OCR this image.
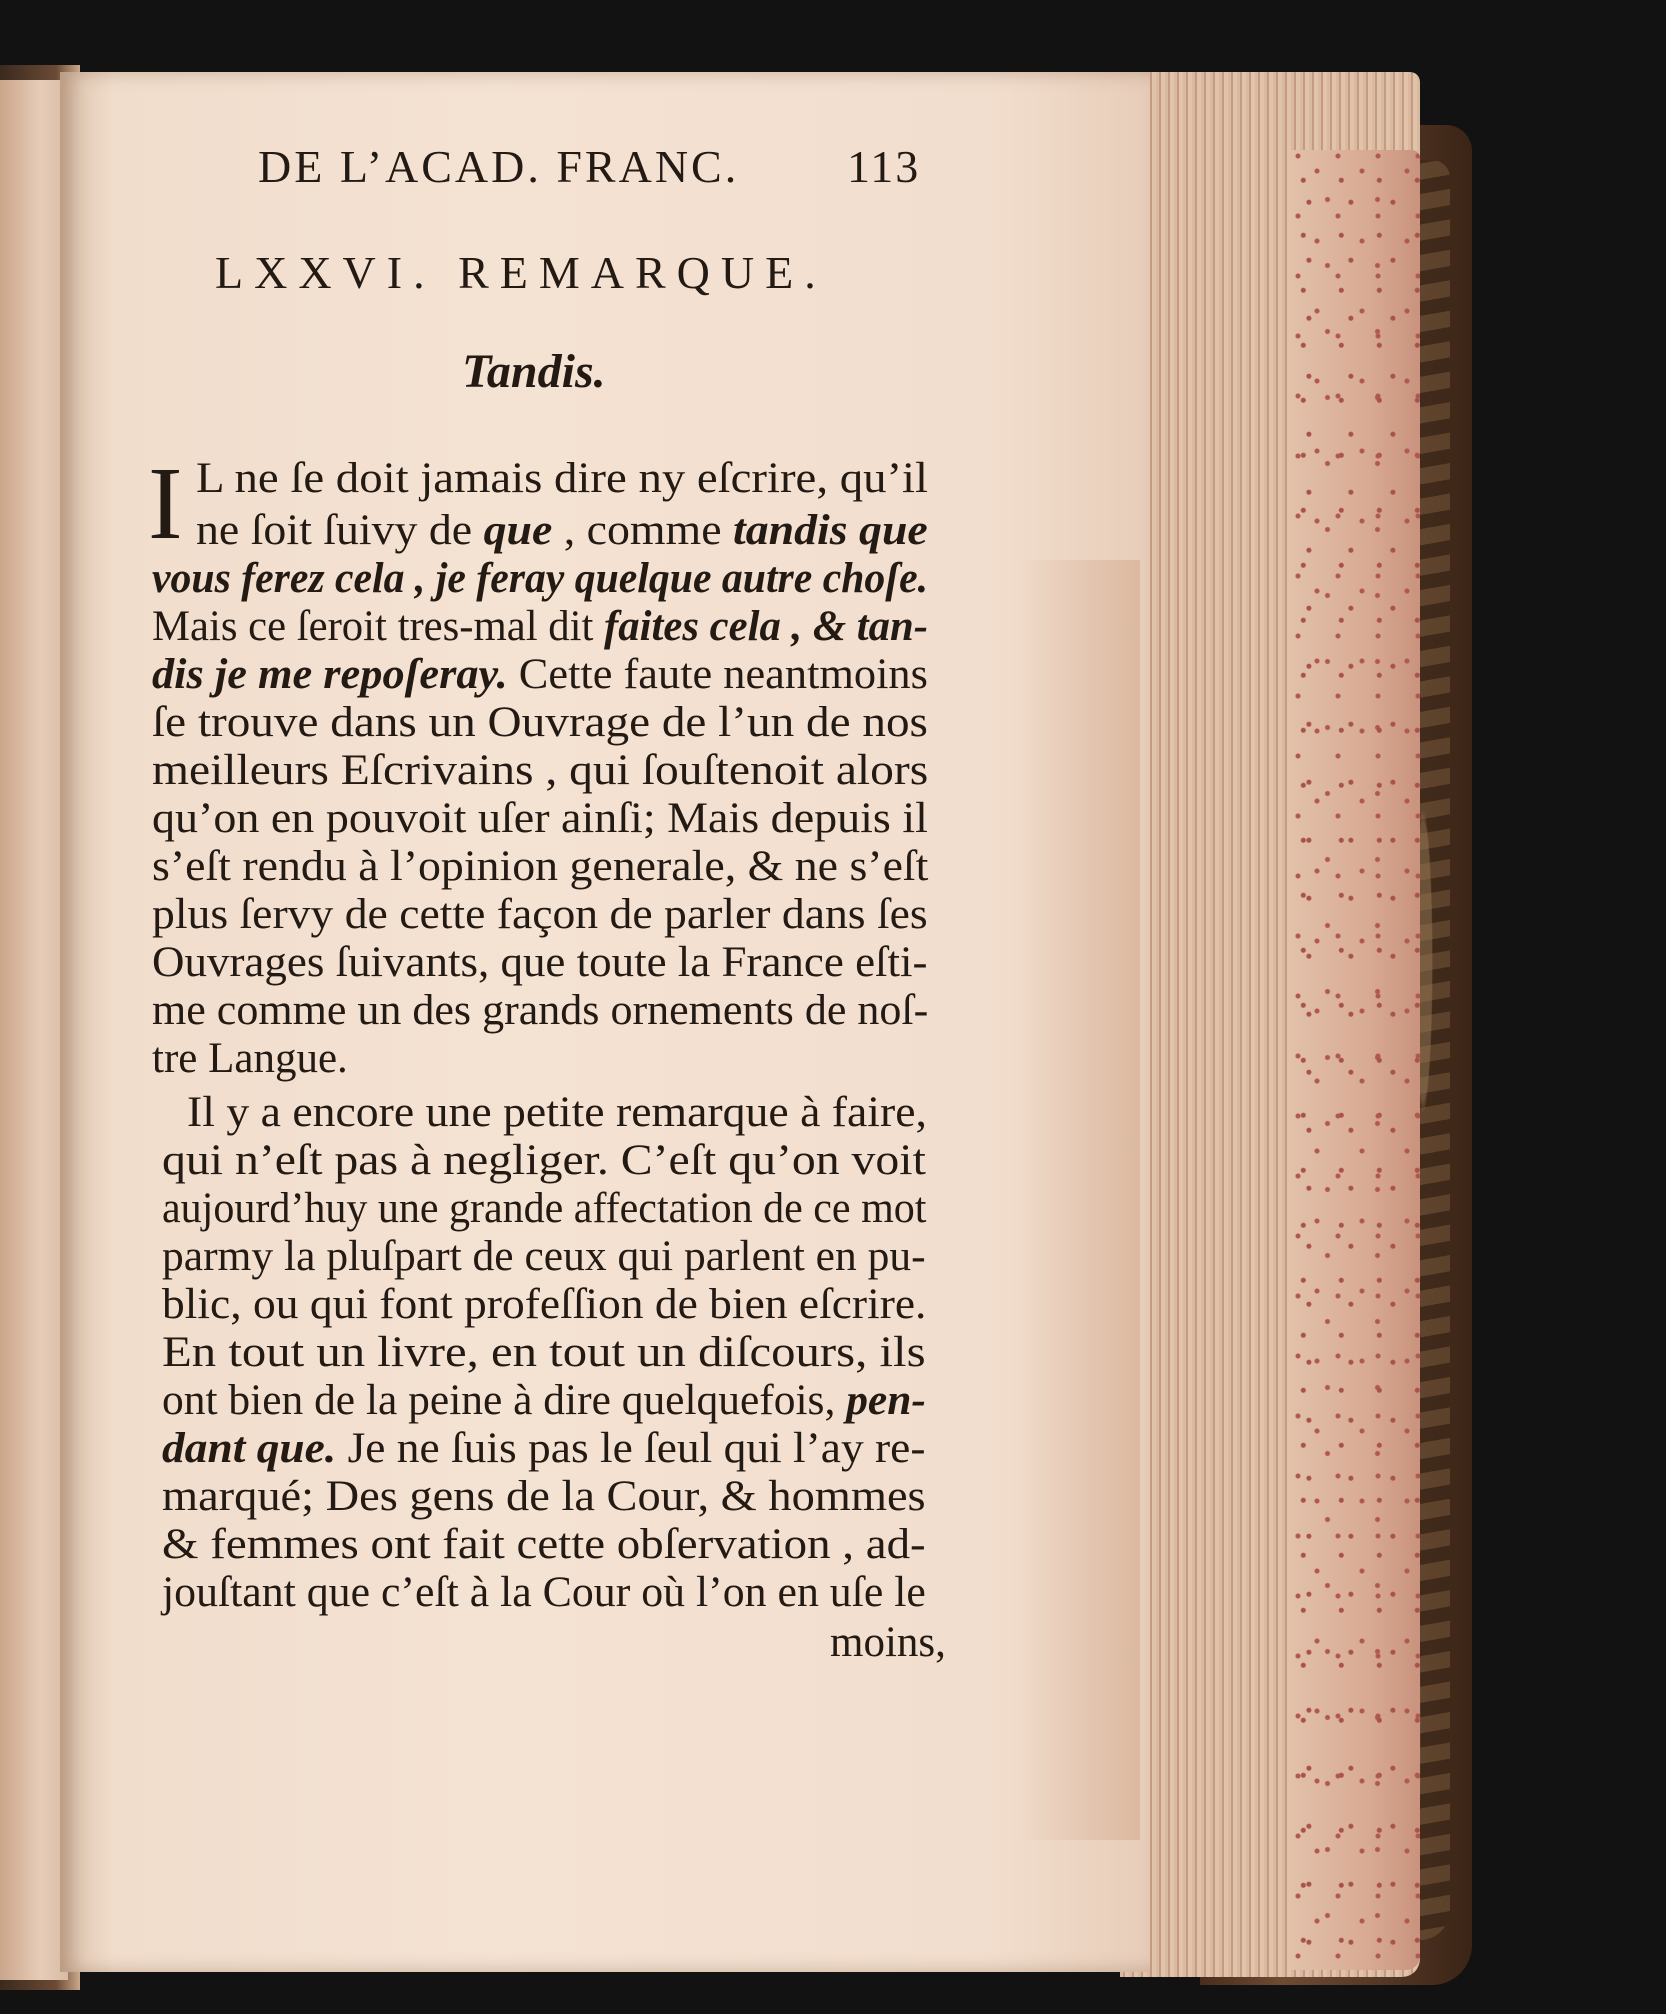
DE L’ACAD. FRANC. 113
LXXVI. REMARQUE.
Tandis.
I L ne ſe doit jamais dire ny eſcrire, qu’il
ne ſoit ſuivy de que , comme tandis que
vous ferez cela , je feray quelque autre choſe.
Mais ce ſeroit tres-mal dit faites cela , & tan-
dis je me repoſeray. Cette faute neantmoins
ſe trouve dans un Ouvrage de l’un de nos
meilleurs Eſcrivains , qui ſouſtenoit alors
qu’on en pouvoit uſer ainſi; Mais depuis il
s’eſt rendu à l’opinion generale, & ne s’eſt
plus ſervy de cette façon de parler dans ſes
Ouvrages ſuivants, que toute la France eſti-
me comme un des grands ornements de noſ-
tre Langue.
Il y a encore une petite remarque à faire,
qui n’eſt pas à negliger. C’eſt qu’on voit
aujourd’huy une grande affectation de ce mot
parmy la pluſpart de ceux qui parlent en pu-
blic, ou qui font profeſſion de bien eſcrire.
En tout un livre, en tout un diſcours, ils
ont bien de la peine à dire quelquefois, pen-
dant que. Je ne ſuis pas le ſeul qui l’ay re-
marqué; Des gens de la Cour, & hommes
& femmes ont fait cette obſervation , ad-
jouſtant que c’eſt à la Cour où l’on en uſe le
moins,
